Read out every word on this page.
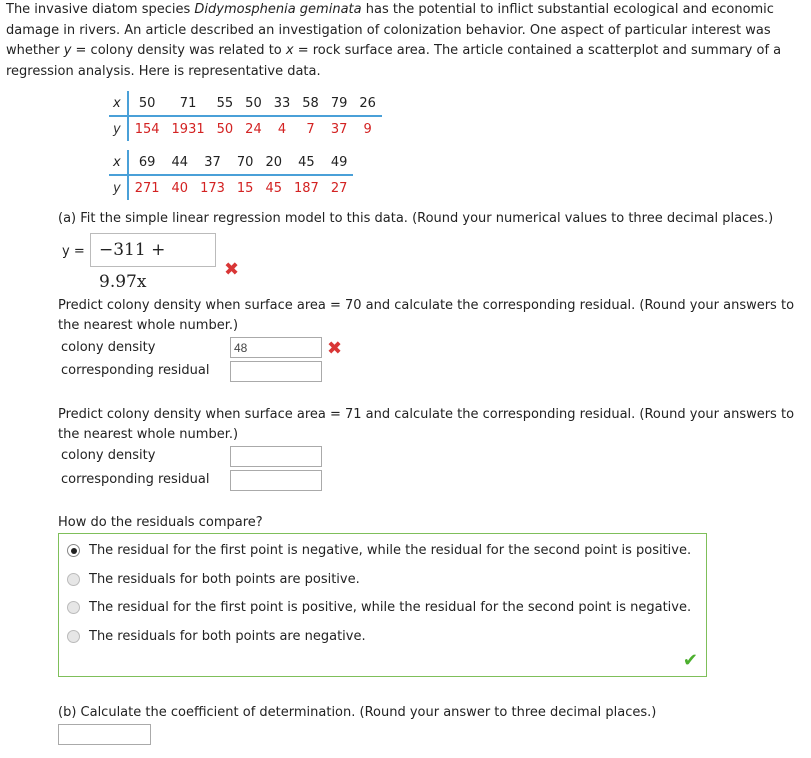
The invasive diatom species Didymosphenia geminata has the potential to inflict substantial ecological and economic damage in rivers. An article described an investigation of colonization behavior. One aspect of particular interest was whether y = colony density was related to x = rock surface area. The article contained a scatterplot and summary of a regression analysis. Here is representative data.
x	50	71	55	50	33	58	79	26
y	154	1931	50	24	4	7	37	9
x	69	44	37	70	20	45	49
y	271	40	173	15	45	187	27
(a) Fit the simple linear regression model to this data. (Round your numerical values to three decimal places.)
y = −311 + 9.97x
✖
Predict colony density when surface area = 70 and calculate the corresponding residual. (Round your answers to the nearest whole number.)
colony density
48	✖
corresponding residual
Predict colony density when surface area = 71 and calculate the corresponding residual. (Round your answers to the nearest whole number.)
colony density
corresponding residual
How do the residuals compare?
The residual for the first point is negative, while the residual for the second point is positive.
The residuals for both points are positive.
The residual for the first point is positive, while the residual for the second point is negative.
The residuals for both points are negative.
✔
(b) Calculate the coefficient of determination. (Round your answer to three decimal places.)
